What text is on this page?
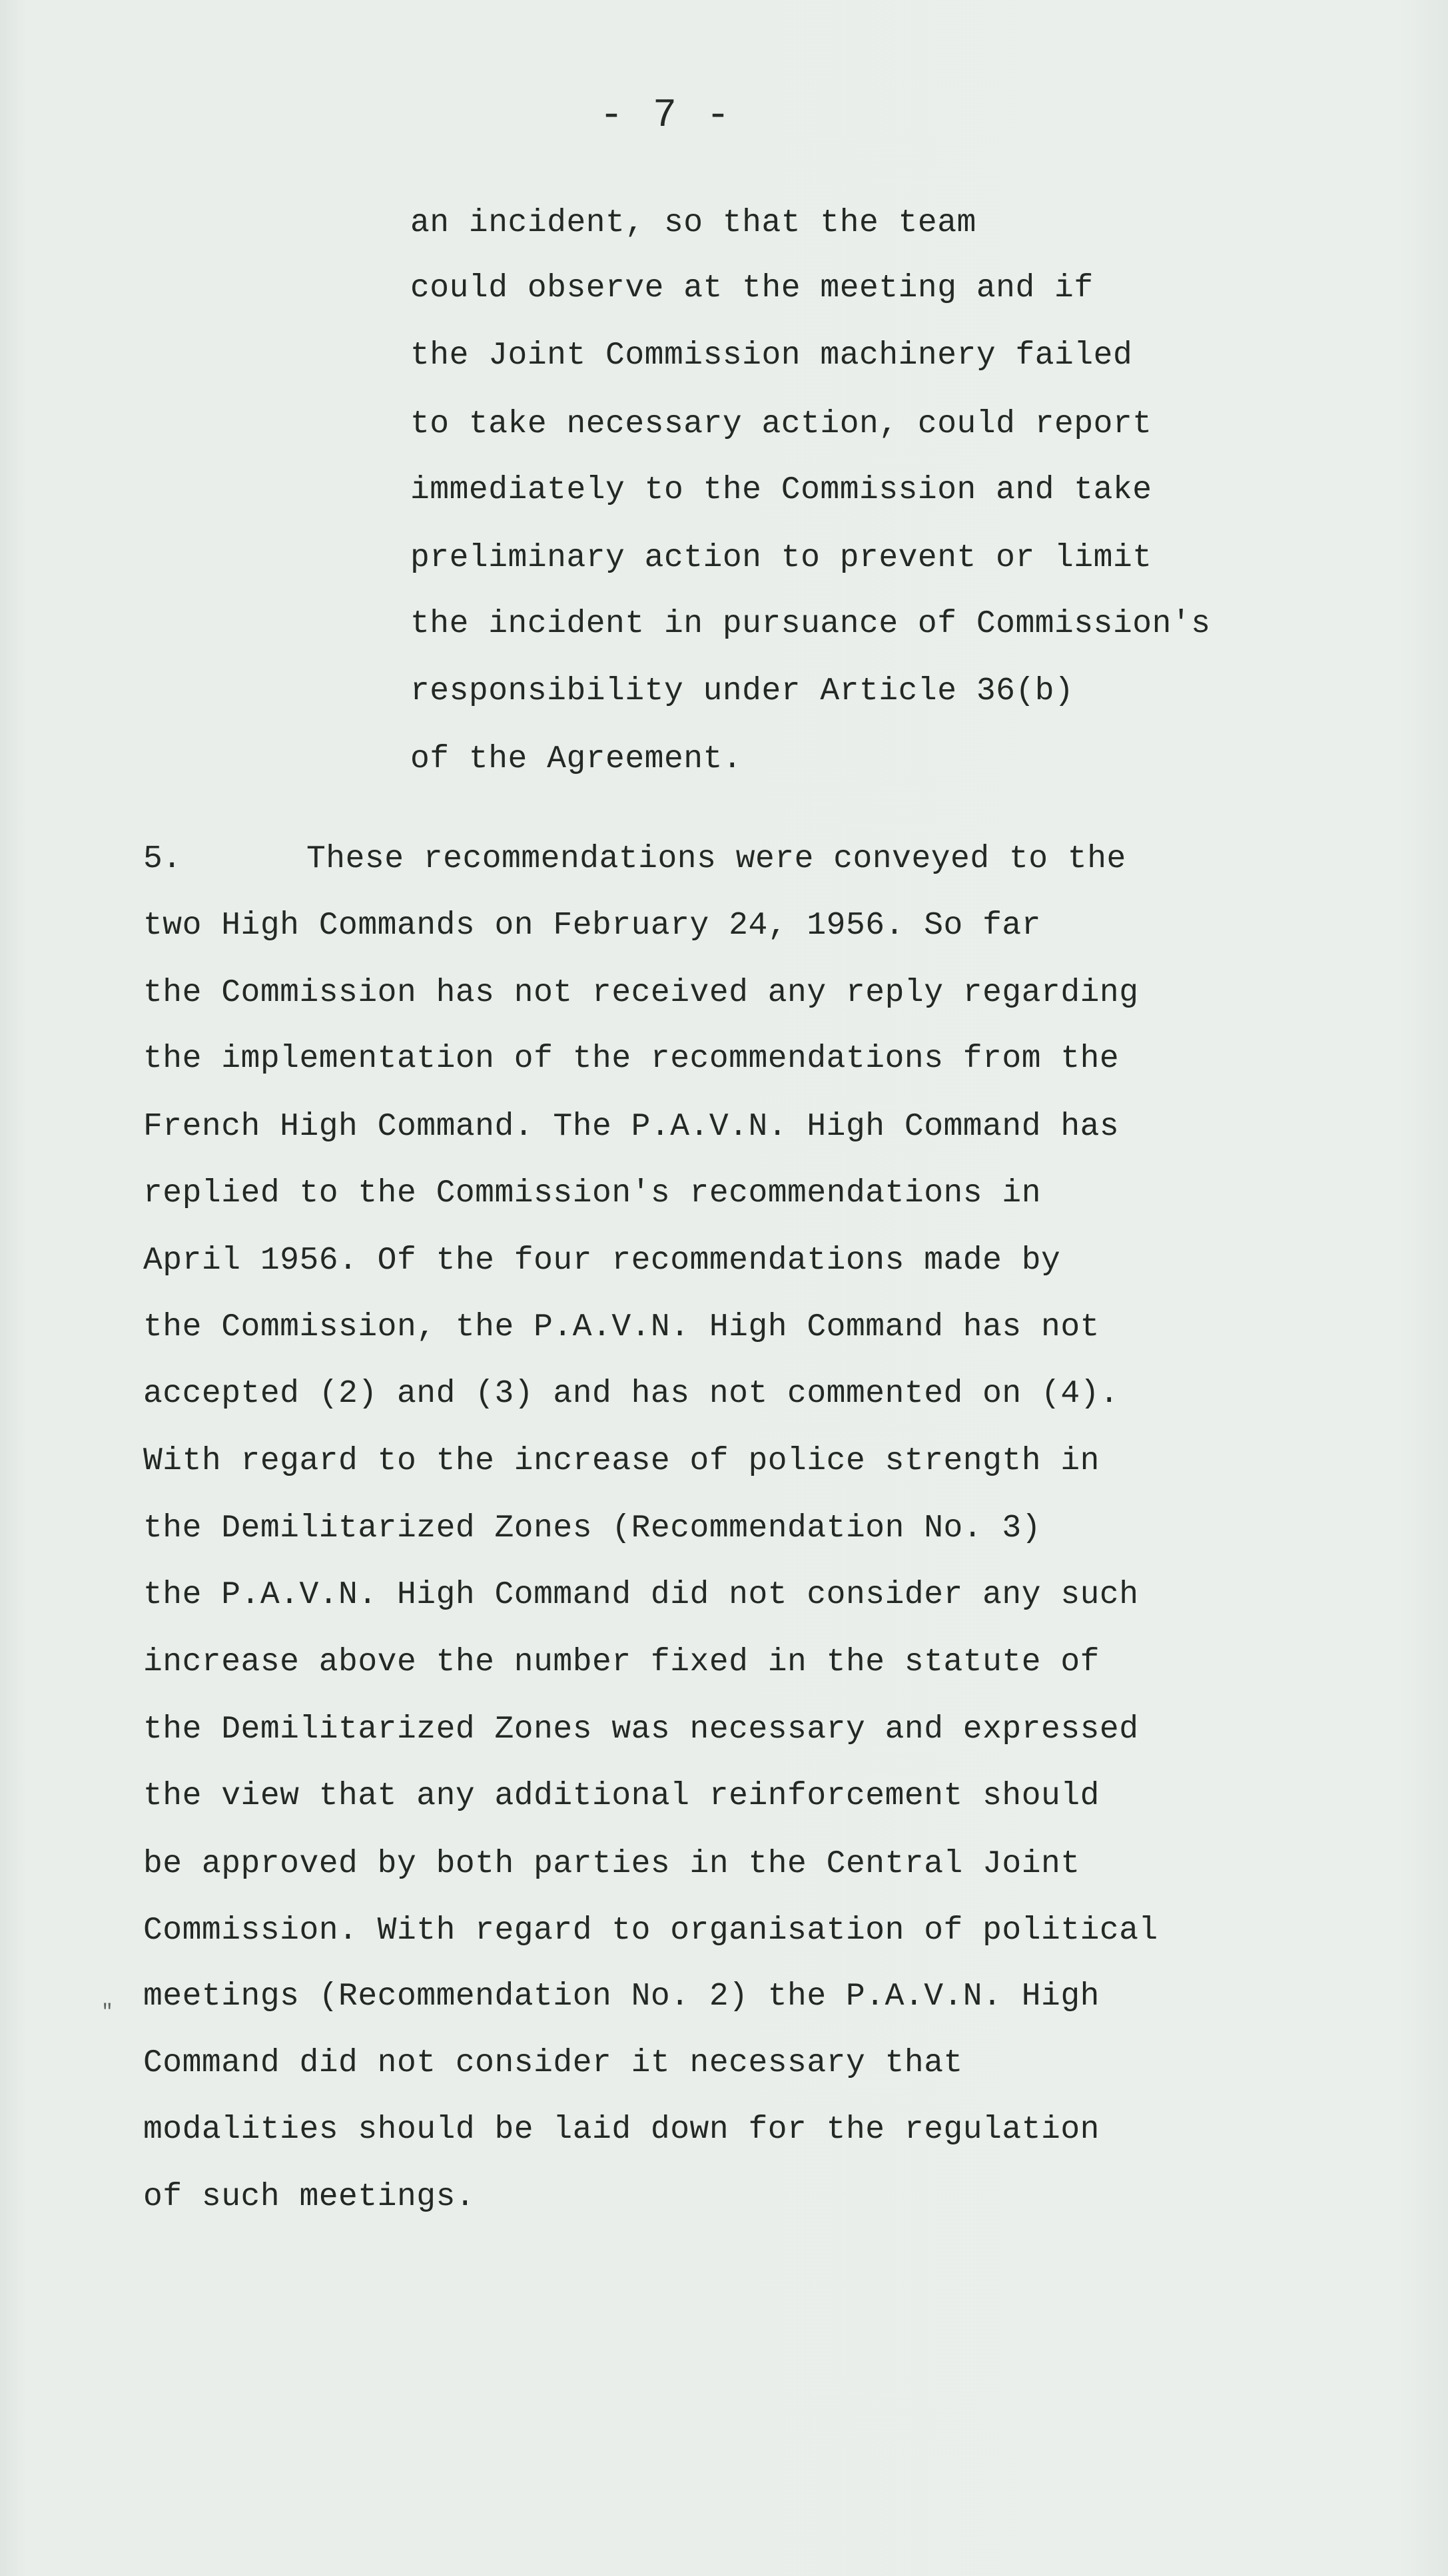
- 7 -
an incident, so that the team
could observe at the meeting and if
the Joint Commission machinery failed
to take necessary action, could report
immediately to the Commission and take
preliminary action to prevent or limit
the incident in pursuance of Commission's
responsibility under Article 36(b)
of the Agreement.
5.	These recommendations were conveyed to the
two High Commands on February 24, 1956. So far
the Commission has not received any reply regarding
the implementation of the recommendations from the
French High Command. The P.A.V.N. High Command has
replied to the Commission's recommendations in
April 1956. Of the four recommendations made by
the Commission, the P.A.V.N. High Command has not
accepted (2) and (3) and has not commented on (4).
With regard to the increase of police strength in
the Demilitarized Zones (Recommendation No. 3)
the P.A.V.N. High Command did not consider any such
increase above the number fixed in the statute of
the Demilitarized Zones was necessary and expressed
the view that any additional reinforcement should
be approved by both parties in the Central Joint
Commission. With regard to organisation of political
meetings (Recommendation No. 2) the P.A.V.N. High
Command did not consider it necessary that
modalities should be laid down for the regulation
of such meetings.
"
